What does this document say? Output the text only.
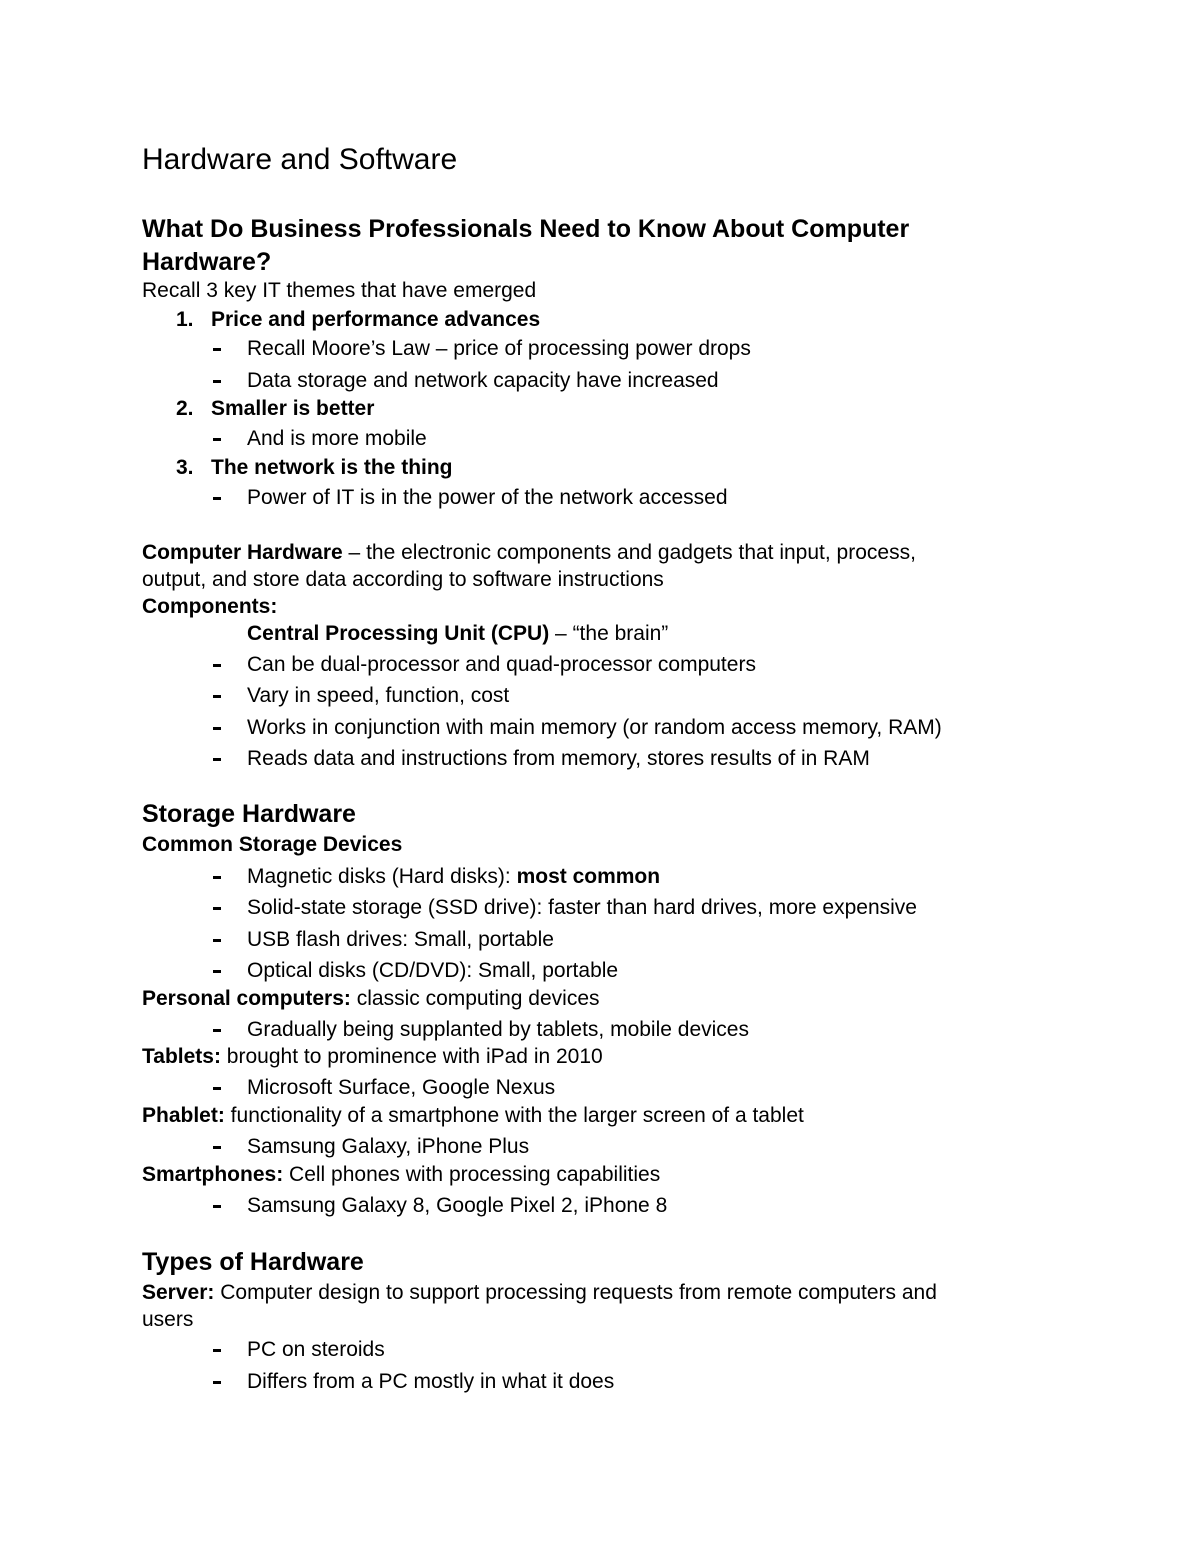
Hardware and Software
What Do Business Professionals Need to Know About Computer
Hardware?
Recall 3 key IT themes that have emerged
1. Price and performance advances
Recall Moore’s Law – price of processing power drops
Data storage and network capacity have increased
2. Smaller is better
And is more mobile
3. The network is the thing
Power of IT is in the power of the network accessed
Computer Hardware – the electronic components and gadgets that input, process,
output, and store data according to software instructions
Components:
Central Processing Unit (CPU) – “the brain”
Can be dual-processor and quad-processor computers
Vary in speed, function, cost
Works in conjunction with main memory (or random access memory, RAM)
Reads data and instructions from memory, stores results of in RAM
Storage Hardware
Common Storage Devices
Magnetic disks (Hard disks): most common
Solid-state storage (SSD drive): faster than hard drives, more expensive
USB flash drives: Small, portable
Optical disks (CD/DVD): Small, portable
Personal computers: classic computing devices
Gradually being supplanted by tablets, mobile devices
Tablets: brought to prominence with iPad in 2010
Microsoft Surface, Google Nexus
Phablet: functionality of a smartphone with the larger screen of a tablet
Samsung Galaxy, iPhone Plus
Smartphones: Cell phones with processing capabilities
Samsung Galaxy 8, Google Pixel 2, iPhone 8
Types of Hardware
Server: Computer design to support processing requests from remote computers and
users
PC on steroids
Differs from a PC mostly in what it does
